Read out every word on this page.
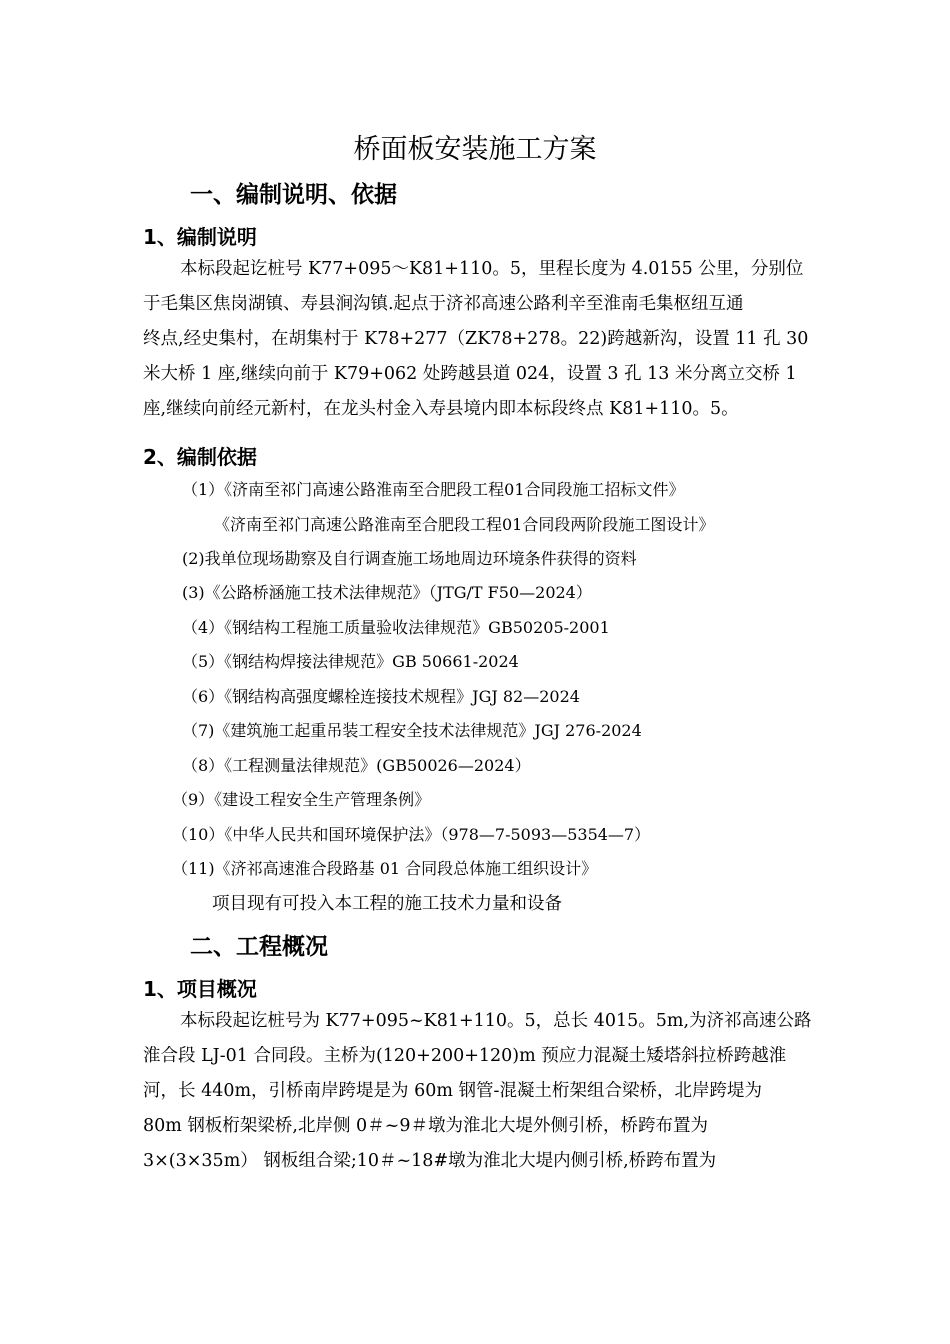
桥面板安装施工方案
一、编制说明、依据
1、编制说明
本标段起讫桩号 K77+095～K81+110。5，里程长度为 4.0155 公里，分别位
于毛集区焦岗湖镇、寿县涧沟镇.起点于济祁高速公路利辛至淮南毛集枢纽互通
终点,经史集村，在胡集村于 K78+277（ZK78+278。22)跨越新沟，设置 11 孔 30
米大桥 1 座,继续向前于 K79+062 处跨越县道 024，设置 3 孔 13 米分离立交桥 1
座,继续向前经元新村，在龙头村金入寿县境内即本标段终点 K81+110。5。
2、编制依据
（1）《济南至祁门高速公路淮南至合肥段工程01合同段施工招标文件》
《济南至祁门高速公路淮南至合肥段工程01合同段两阶段施工图设计》
(2)我单位现场勘察及自行调查施工场地周边环境条件获得的资料
(3)《公路桥涵施工技术法律规范》（JTG/T F50—2024）
（4）《钢结构工程施工质量验收法律规范》GB50205-2001
（5）《钢结构焊接法律规范》GB 50661-2024
（6）《钢结构高强度螺栓连接技术规程》JGJ 82—2024
（7)《建筑施工起重吊装工程安全技术法律规范》JGJ 276-2024
（8）《工程测量法律规范》(GB50026—2024）
（9）《建设工程安全生产管理条例》
（10）《中华人民共和国环境保护法》（978—7-5093—5354—7）
（11)《济祁高速淮合段路基 01 合同段总体施工组织设计》
项目现有可投入本工程的施工技术力量和设备
二、工程概况
1、项目概况
本标段起讫桩号为 K77+095~K81+110。5，总长 4015。5m,为济祁高速公路
淮合段 LJ-01 合同段。主桥为(120+200+120)m 预应力混凝土矮塔斜拉桥跨越淮
河，长 440m，引桥南岸跨堤是为 60m 钢管-混凝土桁架组合梁桥，北岸跨堤为
80m 钢板桁架梁桥,北岸侧 0＃~9＃墩为淮北大堤外侧引桥，桥跨布置为
3×(3×35m） 钢板组合梁;10＃~18#墩为淮北大堤内侧引桥,桥跨布置为
